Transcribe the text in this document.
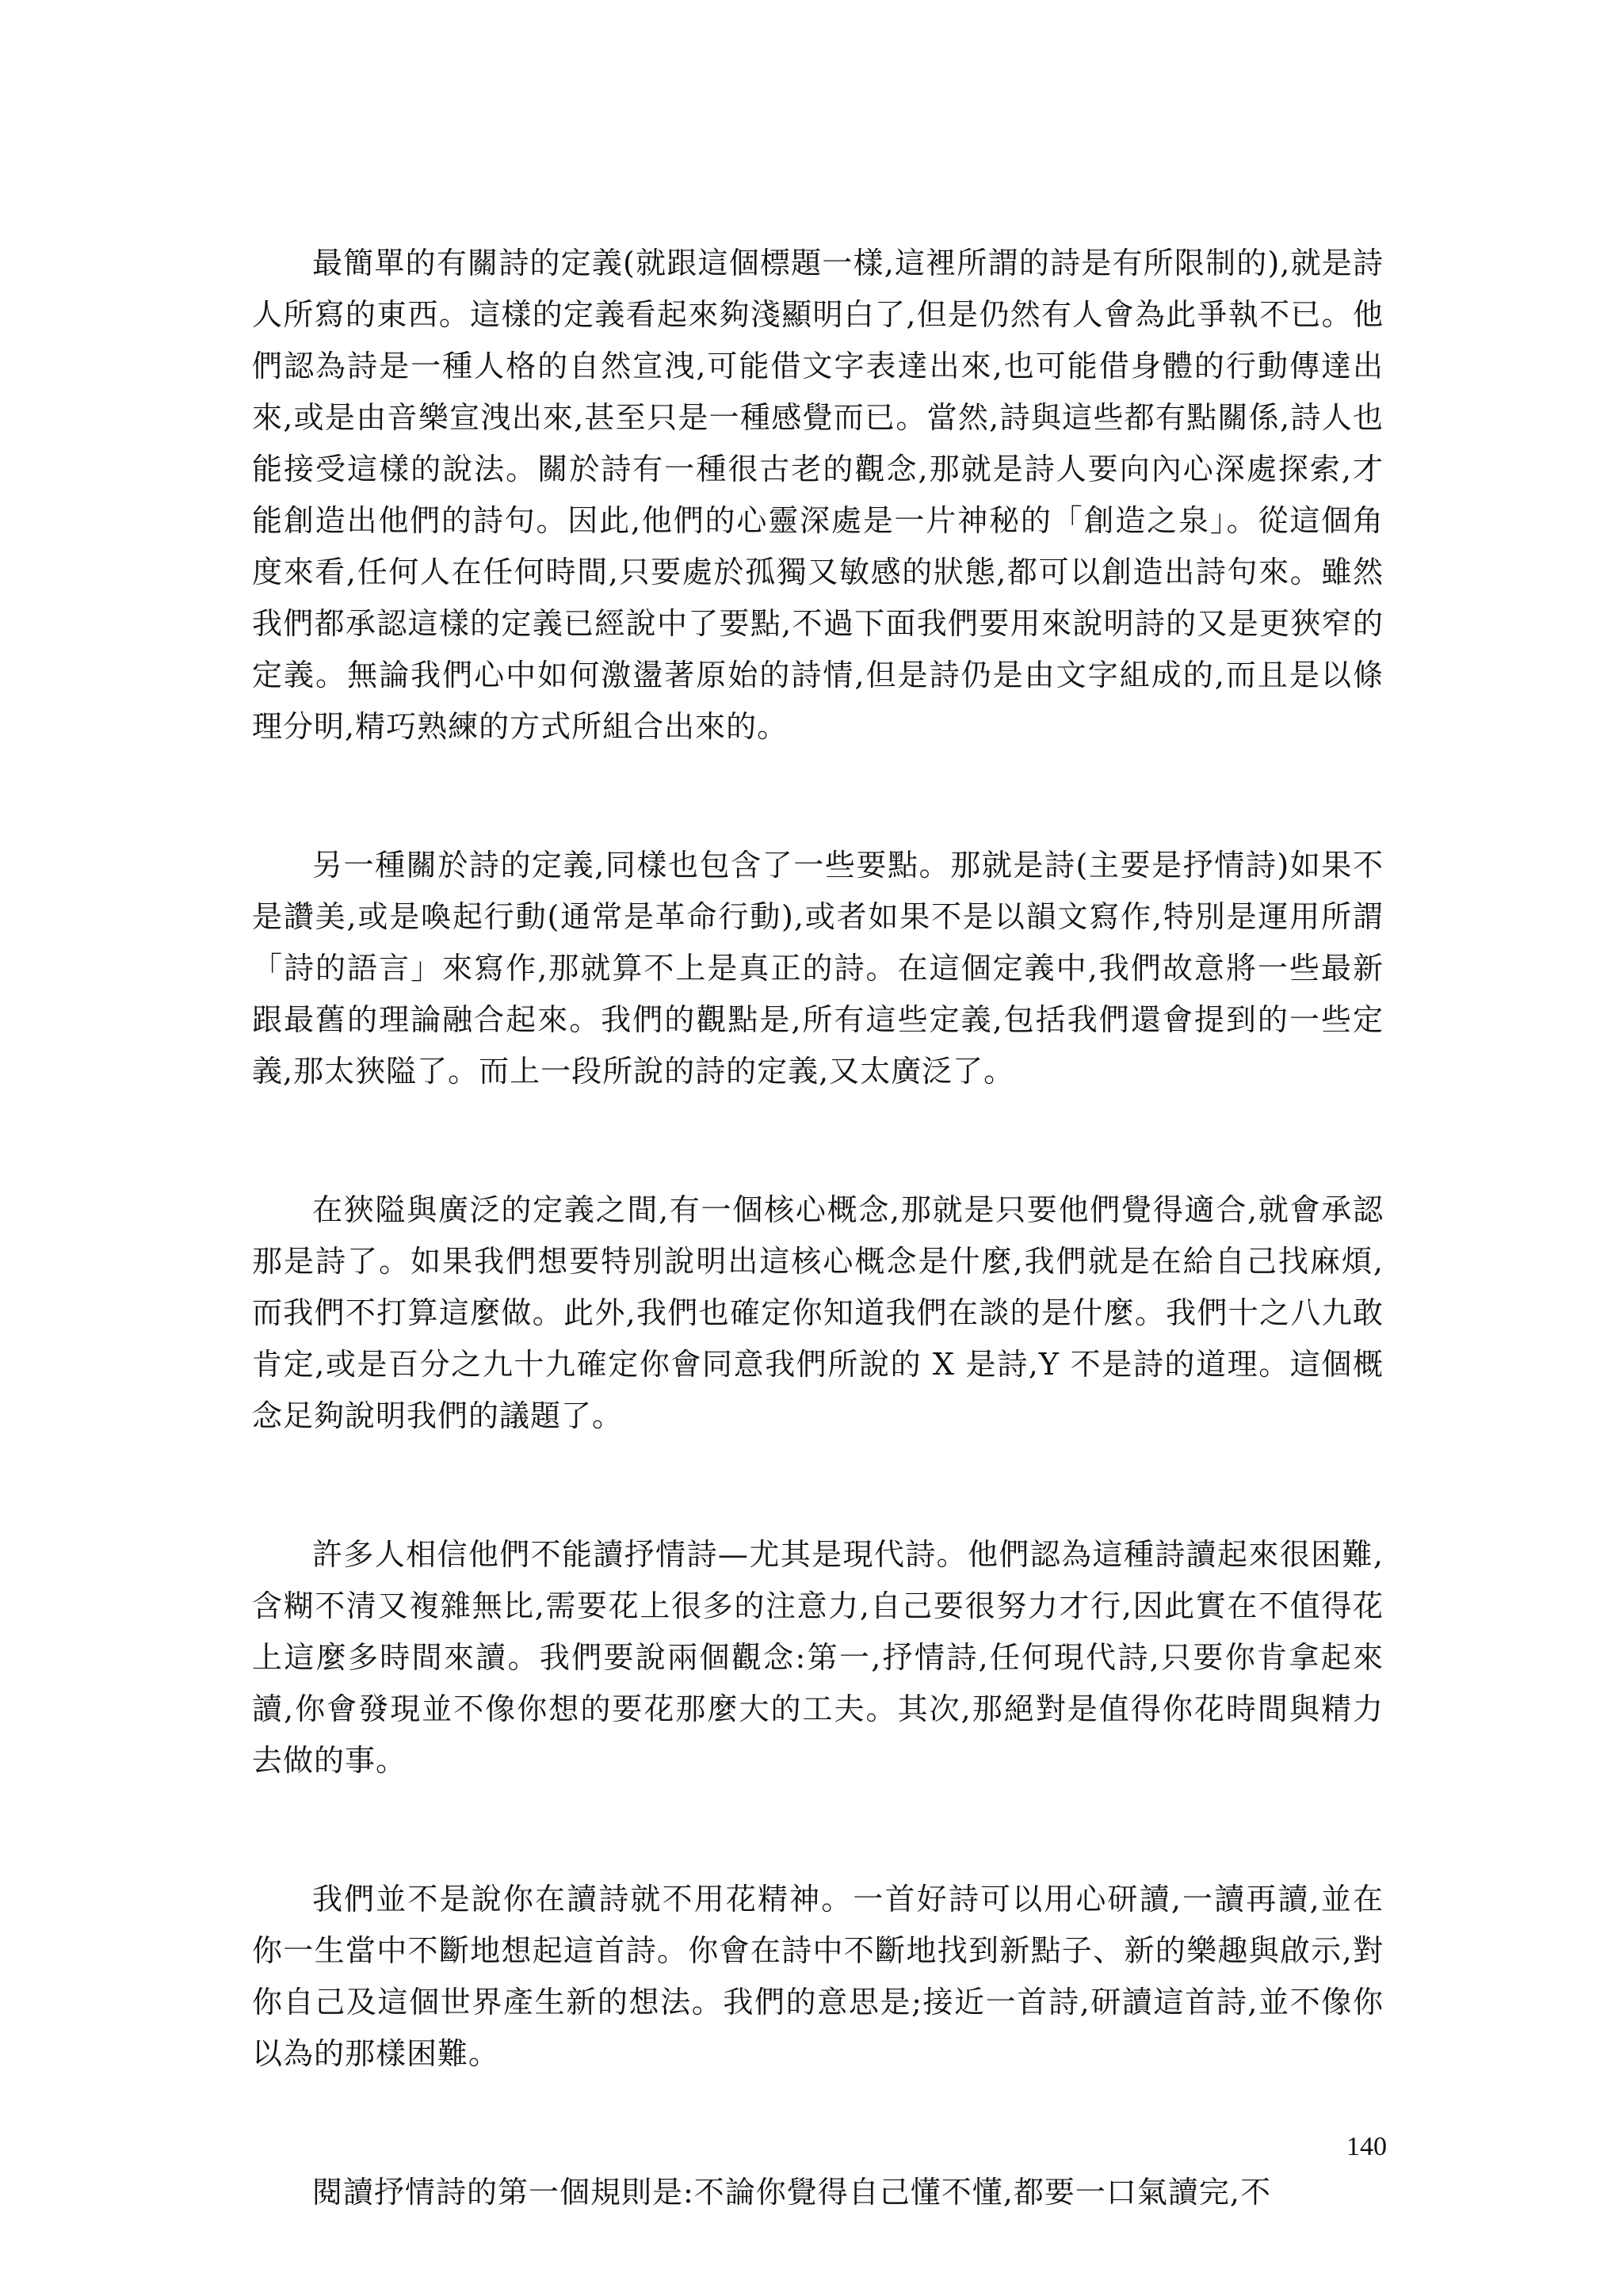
最簡單的有關詩的定義(就跟這個標題一樣,這裡所謂的詩是有所限制的),就是詩人所寫的東西。這樣的定義看起來夠淺顯明白了,但是仍然有人會為此爭執不已。他們認為詩是一種人格的自然宣洩,可能借文字表達出來,也可能借身體的行動傳達出來,或是由音樂宣洩出來,甚至只是一種感覺而已。當然,詩與這些都有點關係,詩人也能接受這樣的說法。關於詩有一種很古老的觀念,那就是詩人要向內心深處探索,才能創造出他們的詩句。因此,他們的心靈深處是一片神秘的「創造之泉」。從這個角度來看,任何人在任何時間,只要處於孤獨又敏感的狀態,都可以創造出詩句來。雖然我們都承認這樣的定義已經說中了要點,不過下面我們要用來說明詩的又是更狹窄的定義。無論我們心中如何激盪著原始的詩情,但是詩仍是由文字組成的,而且是以條理分明,精巧熟練的方式所組合出來的。

另一種關於詩的定義,同樣也包含了一些要點。那就是詩(主要是抒情詩)如果不是讚美,或是喚起行動(通常是革命行動),或者如果不是以韻文寫作,特別是運用所謂「詩的語言」來寫作,那就算不上是真正的詩。在這個定義中,我們故意將一些最新跟最舊的理論融合起來。我們的觀點是,所有這些定義,包括我們還會提到的一些定義,那太狹隘了。而上一段所說的詩的定義,又太廣泛了。

在狹隘與廣泛的定義之間,有一個核心概念,那就是只要他們覺得適合,就會承認那是詩了。如果我們想要特別說明出這核心概念是什麼,我們就是在給自己找麻煩,而我們不打算這麼做。此外,我們也確定你知道我們在談的是什麼。我們十之八九敢肯定,或是百分之九十九確定你會同意我們所說的 X 是詩,Y 不是詩的道理。這個概念足夠說明我們的議題了。

許多人相信他們不能讀抒情詩—尤其是現代詩。他們認為這種詩讀起來很困難,含糊不清又複雜無比,需要花上很多的注意力,自己要很努力才行,因此實在不值得花上這麼多時間來讀。我們要說兩個觀念:第一,抒情詩,任何現代詩,只要你肯拿起來讀,你會發現並不像你想的要花那麼大的工夫。其次,那絕對是值得你花時間與精力去做的事。

我們並不是說你在讀詩就不用花精神。一首好詩可以用心研讀,一讀再讀,並在你一生當中不斷地想起這首詩。你會在詩中不斷地找到新點子、新的樂趣與啟示,對你自己及這個世界產生新的想法。我們的意思是;接近一首詩,研讀這首詩,並不像你以為的那樣困難。

閱讀抒情詩的第一個規則是:不論你覺得自己懂不懂,都要一口氣讀完,不

140
